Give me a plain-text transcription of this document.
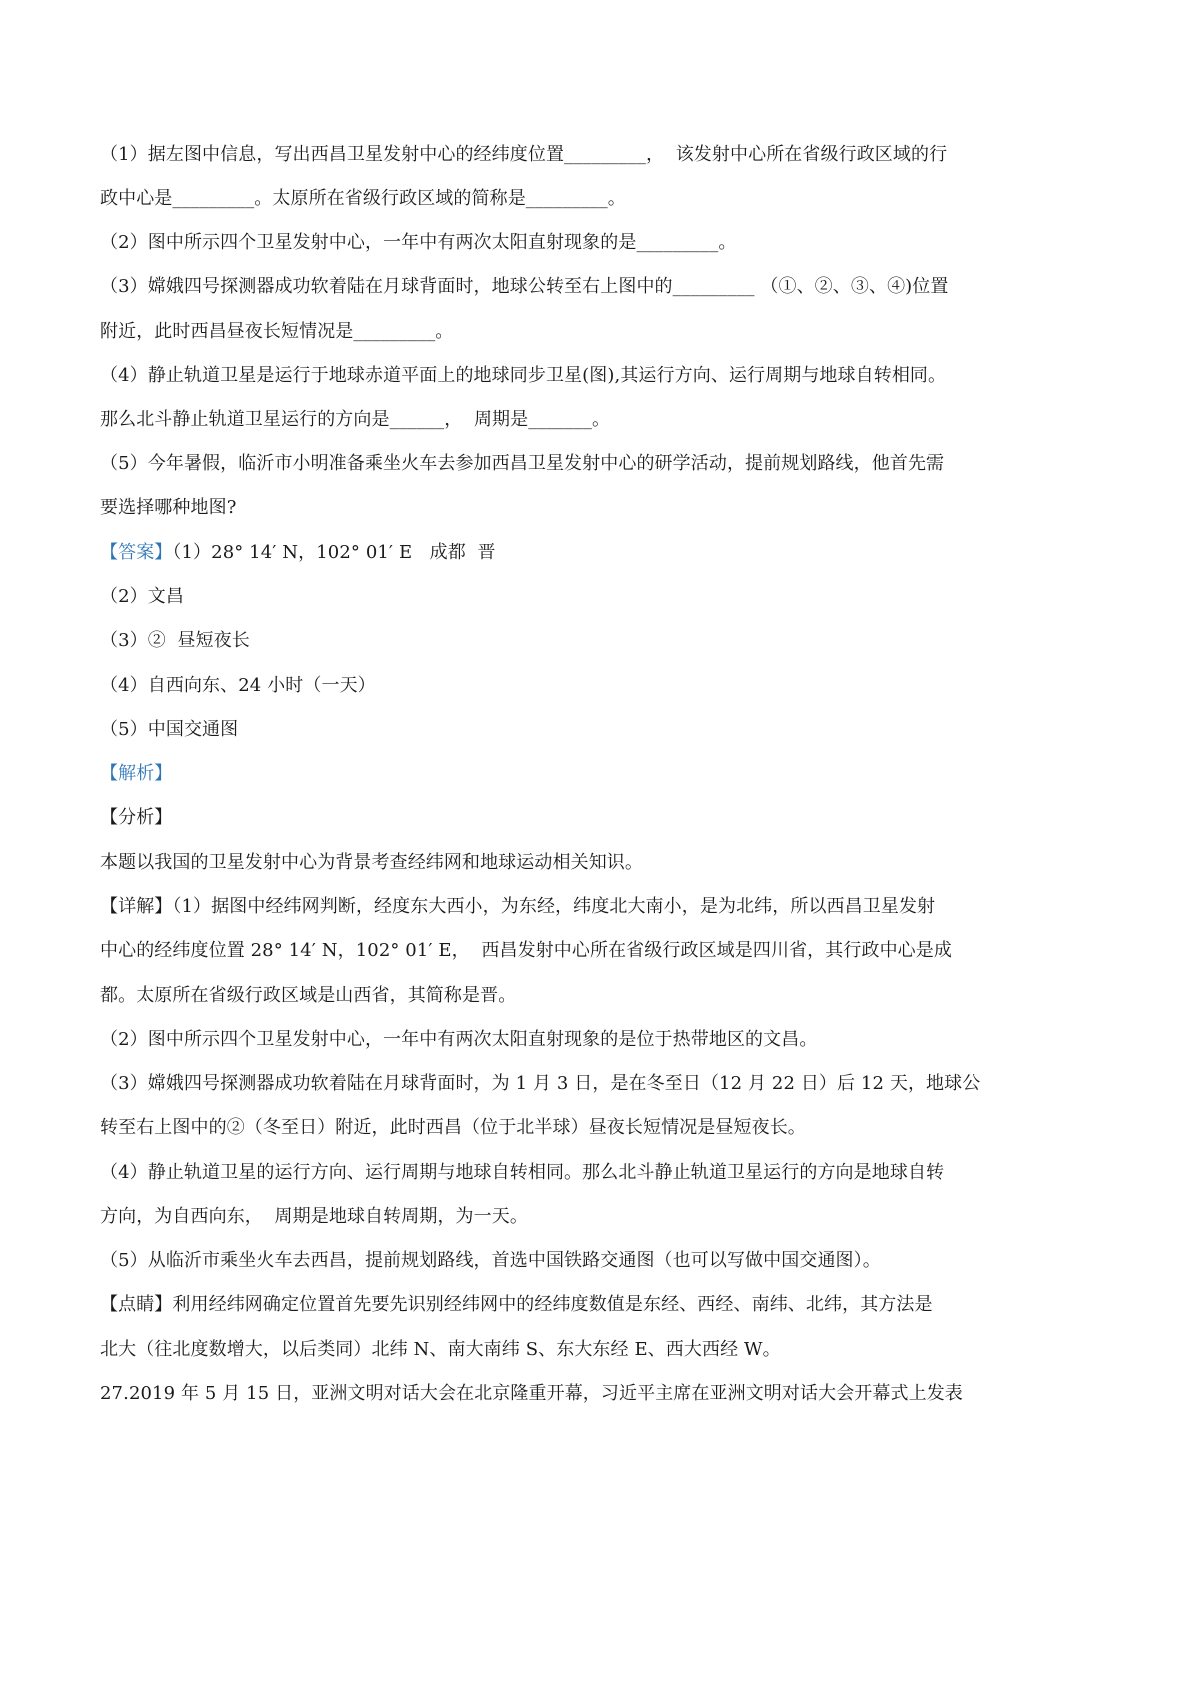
（1）据左图中信息，写出西昌卫星发射中心的经纬度位置_________，  该发射中心所在省级行政区域的行
政中心是_________。太原所在省级行政区域的简称是_________。
（2）图中所示四个卫星发射中心，一年中有两次太阳直射现象的是_________。
（3）嫦娥四号探测器成功软着陆在月球背面时，地球公转至右上图中的_________ （①、②、③、④)位置
附近，此时西昌昼夜长短情况是_________。
（4）静止轨道卫星是运行于地球赤道平面上的地球同步卫星(图),其运行方向、运行周期与地球自转相同。
那么北斗静止轨道卫星运行的方向是______，  周期是_______。
（5）今年暑假，临沂市小明准备乘坐火车去参加西昌卫星发射中心的研学活动，提前规划路线，他首先需
要选择哪种地图?
【答案】（1）28° 14′ N，102° 01′ E   成都  晋
（2）文昌
（3）②  昼短夜长
（4）自西向东、24 小时（一天）
（5）中国交通图
【解析】
【分析】
本题以我国的卫星发射中心为背景考查经纬网和地球运动相关知识。
【详解】（1）据图中经纬网判断，经度东大西小，为东经，纬度北大南小，是为北纬，所以西昌卫星发射
中心的经纬度位置 28° 14′ N，102° 01′ E，  西昌发射中心所在省级行政区域是四川省，其行政中心是成
都。太原所在省级行政区域是山西省，其简称是晋。
（2）图中所示四个卫星发射中心，一年中有两次太阳直射现象的是位于热带地区的文昌。
（3）嫦娥四号探测器成功软着陆在月球背面时，为 1 月 3 日，是在冬至日（12 月 22 日）后 12 天，地球公
转至右上图中的②（冬至日）附近，此时西昌（位于北半球）昼夜长短情况是昼短夜长。
（4）静止轨道卫星的运行方向、运行周期与地球自转相同。那么北斗静止轨道卫星运行的方向是地球自转
方向，为自西向东，  周期是地球自转周期，为一天。
（5）从临沂市乘坐火车去西昌，提前规划路线，首选中国铁路交通图（也可以写做中国交通图）。
【点睛】利用经纬网确定位置首先要先识别经纬网中的经纬度数值是东经、西经、南纬、北纬，其方法是
北大（往北度数增大，以后类同）北纬 N、南大南纬 S、东大东经 E、西大西经 W。
27.2019 年 5 月 15 日，亚洲文明对话大会在北京隆重开幕，习近平主席在亚洲文明对话大会开幕式上发表
